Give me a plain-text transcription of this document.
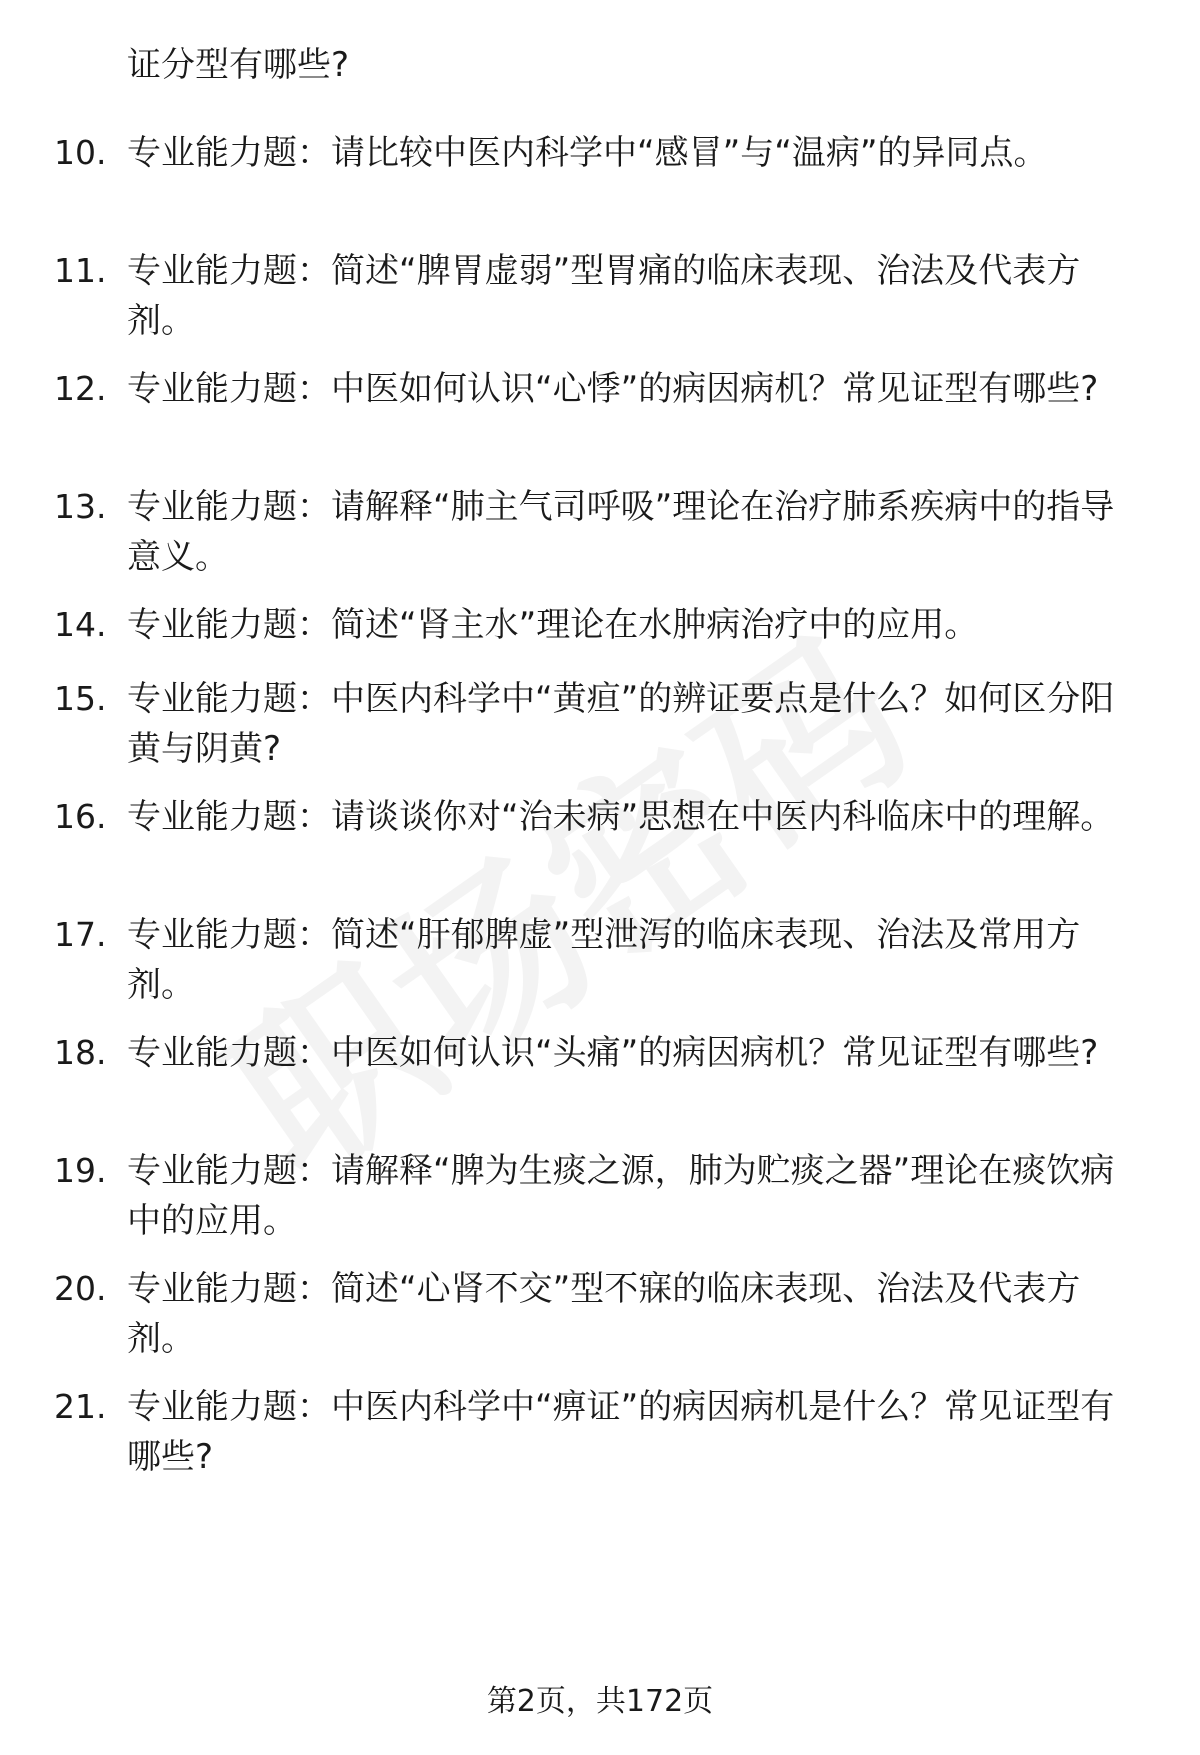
证分型有哪些?
10. 专业能力题：请比较中医内科学中“感冒”与“温病”的异同点。
11. 专业能力题：简述“脾胃虚弱”型胃痛的临床表现、治法及代表方剂。
12. 专业能力题：中医如何认识“心悸”的病因病机？常见证型有哪些?
13. 专业能力题：请解释“肺主气司呼吸”理论在治疗肺系疾病中的指导意义。
14. 专业能力题：简述“肾主水”理论在水肿病治疗中的应用。
15. 专业能力题：中医内科学中“黄疸”的辨证要点是什么？如何区分阳黄与阴黄?
16. 专业能力题：请谈谈你对“治未病”思想在中医内科临床中的理解。
17. 专业能力题：简述“肝郁脾虚”型泄泻的临床表现、治法及常用方剂。
18. 专业能力题：中医如何认识“头痛”的病因病机？常见证型有哪些?
19. 专业能力题：请解释“脾为生痰之源，肺为贮痰之器”理论在痰饮病中的应用。
20. 专业能力题：简述“心肾不交”型不寐的临床表现、治法及代表方剂。
21. 专业能力题：中医内科学中“痹证”的病因病机是什么？常见证型有哪些?
第2页，共172页
